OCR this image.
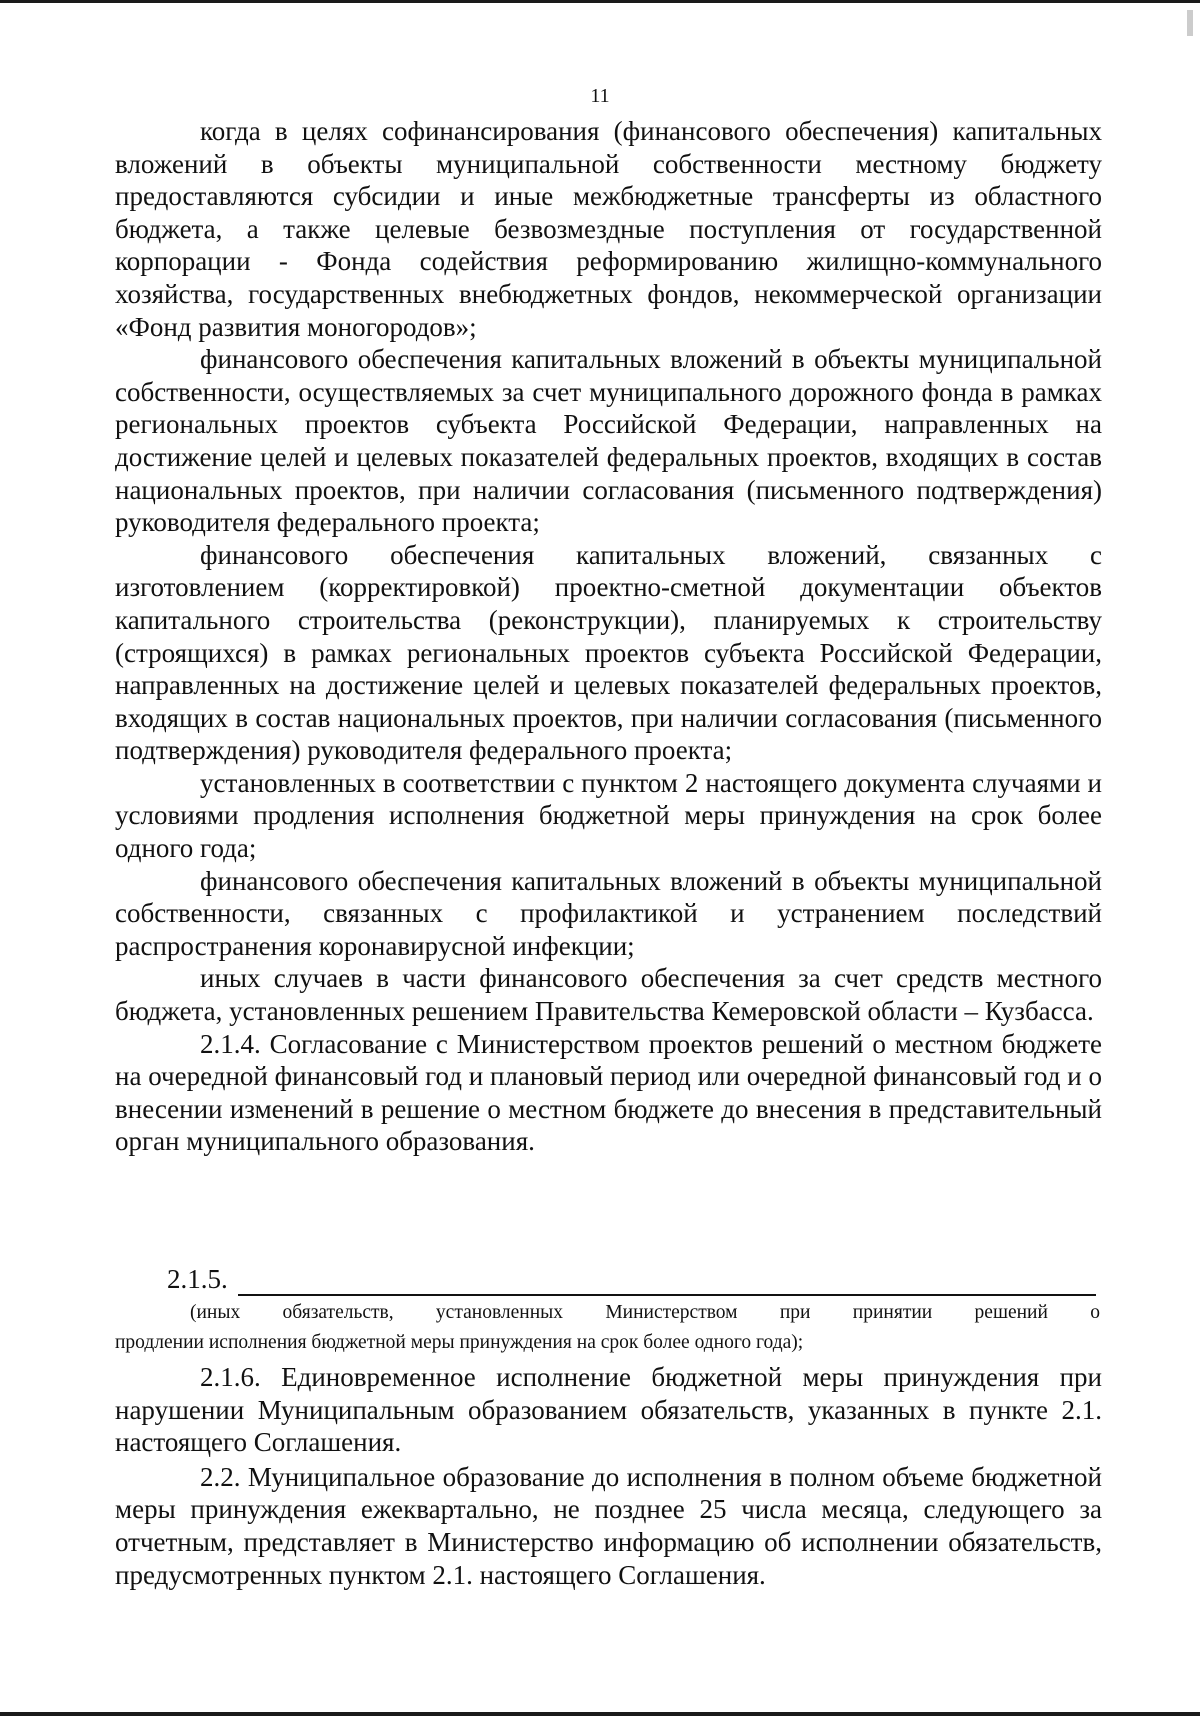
11

когда в целях софинансирования (финансового обеспечения) капитальных вложений в объекты муниципальной собственности местному бюджету предоставляются субсидии и иные межбюджетные трансферты из областного бюджета, а также целевые безвозмездные поступления от государственной корпорации - Фонда содействия реформированию жилищно-коммунального хозяйства, государственных внебюджетных фондов, некоммерческой организации «Фонд развития моногородов»;

финансового обеспечения капитальных вложений в объекты муниципальной собственности, осуществляемых за счет муниципального дорожного фонда в рамках региональных проектов субъекта Российской Федерации, направленных на достижение целей и целевых показателей федеральных проектов, входящих в состав национальных проектов, при наличии согласования (письменного подтверждения) руководителя федерального проекта;

финансового обеспечения капитальных вложений, связанных с изготовлением (корректировкой) проектно-сметной документации объектов капитального строительства (реконструкции), планируемых к строительству (строящихся) в рамках региональных проектов субъекта Российской Федерации, направленных на достижение целей и целевых показателей федеральных проектов, входящих в состав национальных проектов, при наличии согласования (письменного подтверждения) руководителя федерального проекта;

установленных в соответствии с пунктом 2 настоящего документа случаями и условиями продления исполнения бюджетной меры принуждения на срок более одного года;

финансового обеспечения капитальных вложений в объекты муниципальной собственности, связанных с профилактикой и устранением последствий распространения коронавирусной инфекции;

иных случаев в части финансового обеспечения за счет средств местного бюджета, установленных решением Правительства Кемеровской области – Кузбасса.

2.1.4. Согласование с Министерством проектов решений о местном бюджете на очередной финансовый год и плановый период или очередной финансовый год и о внесении изменений в решение о местном бюджете до внесения в представительный орган муниципального образования.

2.1.5.

(иных обязательств, установленных Министерством при принятии решений о

продлении исполнения бюджетной меры принуждения на срок более одного года);

2.1.6. Единовременное исполнение бюджетной меры принуждения при нарушении Муниципальным образованием обязательств, указанных в пункте 2.1. настоящего Соглашения.

2.2. Муниципальное образование до исполнения в полном объеме бюджетной меры принуждения ежеквартально, не позднее 25 числа месяца, следующего за отчетным, представляет в Министерство информацию об исполнении обязательств, предусмотренных пунктом 2.1. настоящего Соглашения.
